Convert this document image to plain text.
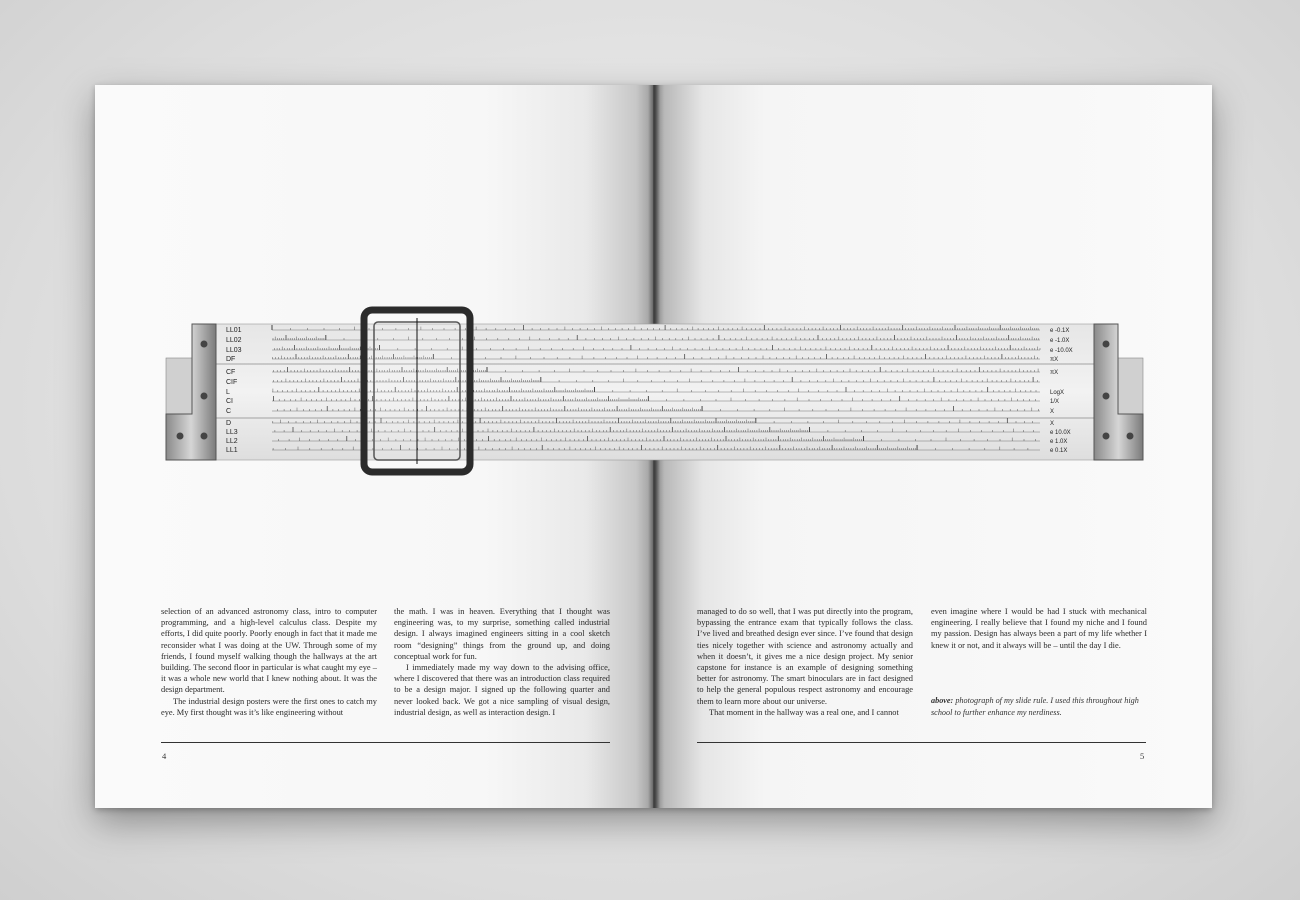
selection of an advanced astronomy class, intro to computer programming, and a high-level calculus class. Despite my efforts, I did quite poorly. Poorly enough in fact that it made me reconsider what I was doing at the UW. Through some of my friends, I found myself walking though the hallways at the art building. The second floor in particular is what caught my eye – it was a whole new world that I knew nothing about. It was the design department.

The industrial design posters were the first ones to catch my eye. My first thought was it’s like engineering without

the math. I was in heaven. Everything that I thought was engineering was, to my surprise, something called industrial design. I always imagined engineers sitting in a cool sketch room “designing” things from the ground up, and doing conceptual work for fun.

I immediately made my way down to the advising office, where I discovered that there was an introduction class required to be a design major. I signed up the following quarter and never looked back. We got a nice sampling of visual design, industrial design, as well as interaction design. I

4

managed to do so well, that I was put directly into the program, bypassing the entrance exam that typically follows the class. I’ve lived and breathed design ever since. I’ve found that design ties nicely together with science and astronomy actually and when it doesn’t, it gives me a nice design project. My senior capstone for instance is an example of designing something better for astronomy. The smart binoculars are in fact designed to help the general populous respect astronomy and encourage them to learn more about our universe.

That moment in the hallway was a real one, and I cannot

even imagine where I would be had I stuck with mechanical engineering. I really believe that I found my niche and I found my passion. Design has always been a part of my life whether I knew it or not, and it always will be – until the day I die.

above: photograph of my slide rule. I used this throughout high school to further enhance my nerdiness.
5
LL01
LL02
LL03
DF
CF
CIF
L
CI
C
D
LL3
LL2
LL1
e -0.1X
e -1.0X
e -10.0X
πX
πX
LogX
1/X
X
X
e 10.0X
e 1.0X
e 0.1X
